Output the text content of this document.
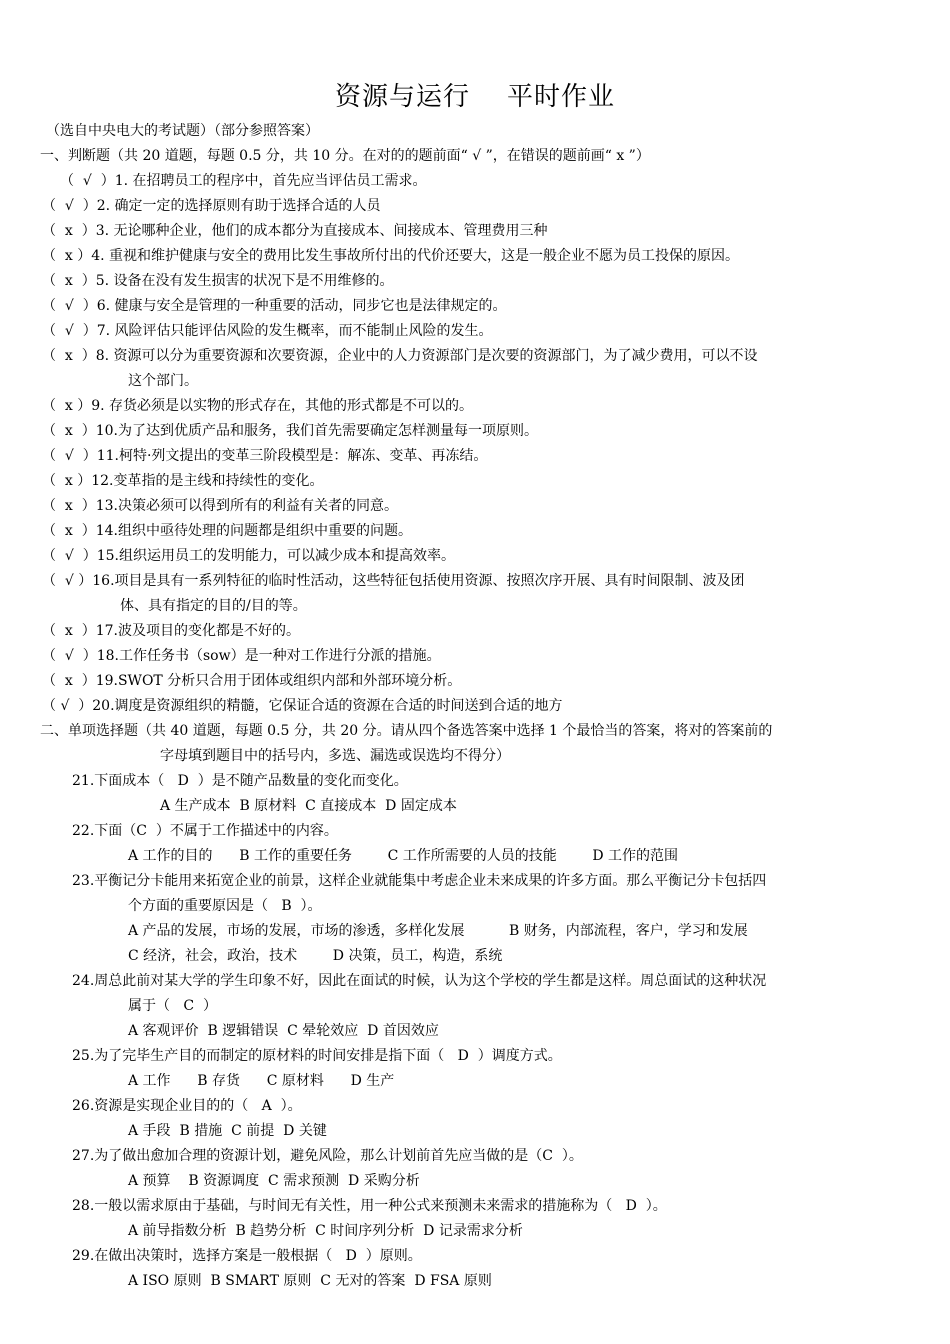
资源与运行    平时作业
（选自中央电大的考试题）（部分参照答案）
一、判断题（共 20 道题，每题 0.5 分，共 10 分。在对的的题前面“ √ ”，在错误的题前画“ x ”）
（  √  ）1. 在招聘员工的程序中，首先应当评估员工需求。
（  √  ）2. 确定一定的选择原则有助于选择合适的人员
（  x  ）3. 无论哪种企业，他们的成本都分为直接成本、间接成本、管理费用三种
（  x ）4. 重视和维护健康与安全的费用比发生事故所付出的代价还要大，这是一般企业不愿为员工投保的原因。
（  x  ）5. 设备在没有发生损害的状况下是不用维修的。
（  √  ）6. 健康与安全是管理的一种重要的活动，同步它也是法律规定的。
（  √  ）7. 风险评估只能评估风险的发生概率，而不能制止风险的发生。
（  x  ）8. 资源可以分为重要资源和次要资源，企业中的人力资源部门是次要的资源部门，为了减少费用，可以不设
这个部门。
（  x ）9. 存货必须是以实物的形式存在，其他的形式都是不可以的。
（  x  ）10.为了达到优质产品和服务，我们首先需要确定怎样测量每一项原则。
（  √  ）11.柯特·列文提出的变革三阶段模型是：解冻、变革、再冻结。
（  x ）12.变革指的是主线和持续性的变化。
（  x  ）13.决策必须可以得到所有的利益有关者的同意。
（  x  ）14.组织中亟待处理的问题都是组织中重要的问题。
（  √  ）15.组织运用员工的发明能力，可以减少成本和提高效率。
（  √ ）16.项目是具有一系列特征的临时性活动，这些特征包括使用资源、按照次序开展、具有时间限制、波及团
体、具有指定的目的/目的等。
（  x  ）17.波及项目的变化都是不好的。
（  √  ）18.工作任务书（sow）是一种对工作进行分派的措施。
（  x  ）19.SWOT 分析只合用于团体或组织内部和外部环境分析。
（ √  ）20.调度是资源组织的精髓，它保证合适的资源在合适的时间送到合适的地方
二、单项选择题（共 40 道题，每题 0.5 分，共 20 分。请从四个备选答案中选择 1 个最恰当的答案，将对的答案前的
字母填到题目中的括号内，多选、漏选或误选均不得分）
21.下面成本（   D  ）是不随产品数量的变化而变化。
A 生产成本  B 原材料  C 直接成本  D 固定成本
22.下面（C  ）不属于工作描述中的内容。
A 工作的目的      B 工作的重要任务        C 工作所需要的人员的技能        D 工作的范围
23.平衡记分卡能用来拓宽企业的前景，这样企业就能集中考虑企业未来成果的许多方面。那么平衡记分卡包括四
个方面的重要原因是（   B  ）。
A 产品的发展，市场的发展，市场的渗透，多样化发展          B 财务，内部流程，客户，学习和发展
C 经济，社会，政治，技术        D 决策，员工，构造，系统
24.周总此前对某大学的学生印象不好，因此在面试的时候，认为这个学校的学生都是这样。周总面试的这种状况
属于（   C  ）
A 客观评价  B 逻辑错误  C 晕轮效应  D 首因效应
25.为了完毕生产目的而制定的原材料的时间安排是指下面（   D  ）调度方式。
A 工作      B 存货      C 原材料      D 生产
26.资源是实现企业目的的（   A  ）。
A 手段  B 措施  C 前提  D 关键
27.为了做出愈加合理的资源计划，避免风险，那么计划前首先应当做的是（C  ）。
A 预算    B 资源调度  C 需求预测  D 采购分析
28.一般以需求原由于基础，与时间无有关性，用一种公式来预测未来需求的措施称为（   D  ）。
A 前导指数分析  B 趋势分析  C 时间序列分析  D 记录需求分析
29.在做出决策时，选择方案是一般根据（   D  ）原则。
A ISO 原则  B SMART 原则  C 无对的答案  D FSA 原则
